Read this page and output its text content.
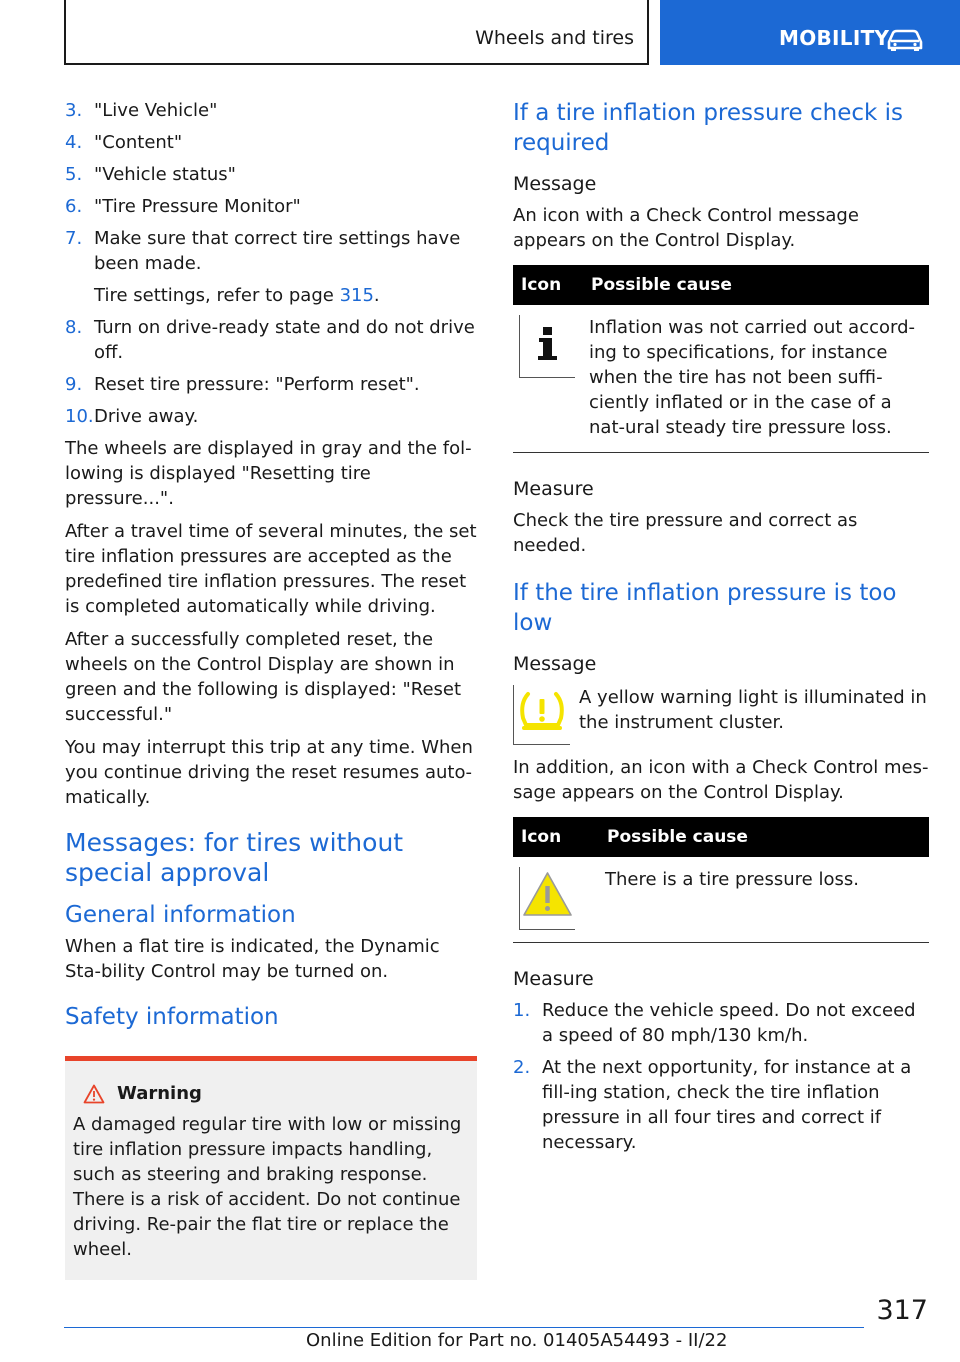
Wheels and tires	MOBILITY
3. "Live Vehicle"
4. "Content"
5. "Vehicle status"
6. "Tire Pressure Monitor"
7. Make sure that correct tire settings have been made.
Tire settings, refer to page 315.
8. Turn on drive-ready state and do not drive off.
9. Reset tire pressure: "Perform reset".
10. Drive away.

The wheels are displayed in gray and the fol‐lowing is displayed "Resetting tire pressure...".

After a travel time of several minutes, the set tire inflation pressures are accepted as the predefined tire inflation pressures. The reset is completed automatically while driving.

After a successfully completed reset, the wheels on the Control Display are shown in green and the following is displayed: "Reset successful."

You may interrupt this trip at any time. When you continue driving the reset resumes auto‐matically.

Messages: for tires without special approval
General information

When a flat tire is indicated, the Dynamic Sta‐bility Control may be turned on.

Safety information
Warning
A damaged regular tire with low or missing tire inflation pressure impacts handling, such as steering and braking response. There is a risk of accident. Do not continue driving. Re‐pair the flat tire or replace the wheel.
If a tire inflation pressure check is required
Message

An icon with a Check Control message appears on the Control Display.

Icon	Possible cause
	Inflation was not carried out accord‐ing to specifications, for instance when the tire has not been suffi‐ciently inflated or in the case of a nat‐ural steady tire pressure loss.
Measure

Check the tire pressure and correct as needed.

If the tire inflation pressure is too low
Message
A yellow warning light is illuminated in the instrument cluster.

In addition, an icon with a Check Control mes‐sage appears on the Control Display.

Icon	Possible cause
	There is a tire pressure loss.
Measure
1. Reduce the vehicle speed. Do not exceed a speed of 80 mph/130 km/h.
2. At the next opportunity, for instance at a fill‐ing station, check the tire inflation pressure in all four tires and correct if necessary.
317
Online Edition for Part no. 01405A54493 - II/22
